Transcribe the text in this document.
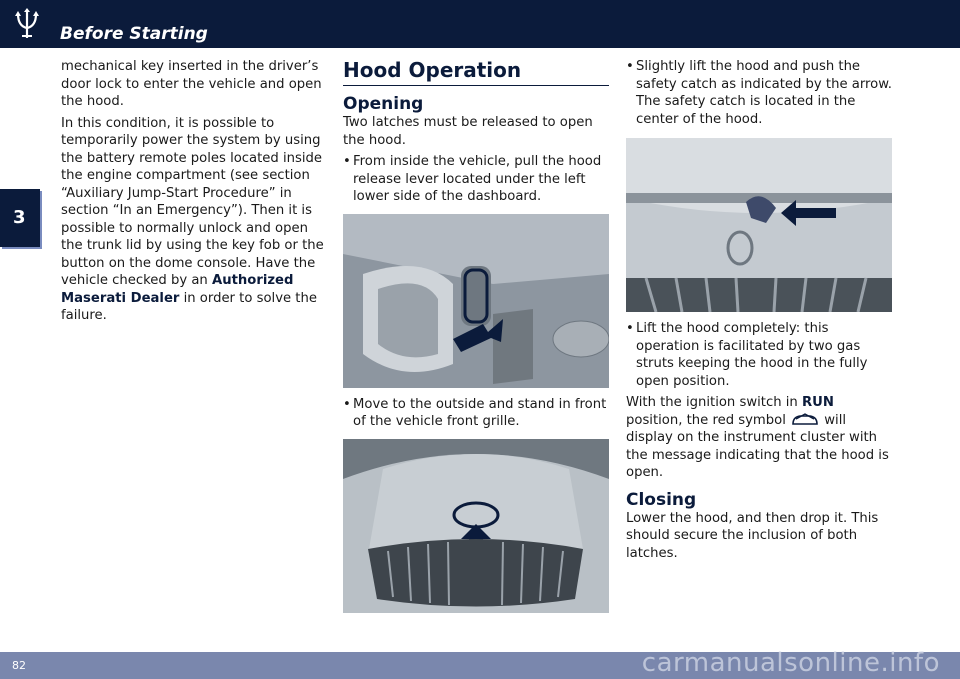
Before Starting
3

mechanical key inserted in the driver’s door lock to enter the vehicle and open the hood.

In this condition, it is possible to temporarily power the system by using the battery remote poles located inside the engine compartment (see section “Auxiliary Jump-Start Procedure” in section “In an Emergency”). Then it is possible to normally unlock and open the trunk lid by using the key fob or the button on the dome console. Have the vehicle checked by an Authorized Maserati Dealer in order to solve the failure.

Hood Operation
Opening

Two latches must be released to open the hood.

• From inside the vehicle, pull the hood release lever located under the left lower side of the dashboard.
• Move to the outside and stand in front of the vehicle front grille.
• Slightly lift the hood and push the safety catch as indicated by the arrow. The safety catch is located in the center of the hood.
• Lift the hood completely: this operation is facilitated by two gas struts keeping the hood in the fully open position.

With the ignition switch in RUN
position, the red symbol  will display on the instrument cluster with the message indicating that the hood is open.

Closing

Lower the hood, and then drop it. This should secure the inclusion of both latches.

82	carmanualsonline.info
